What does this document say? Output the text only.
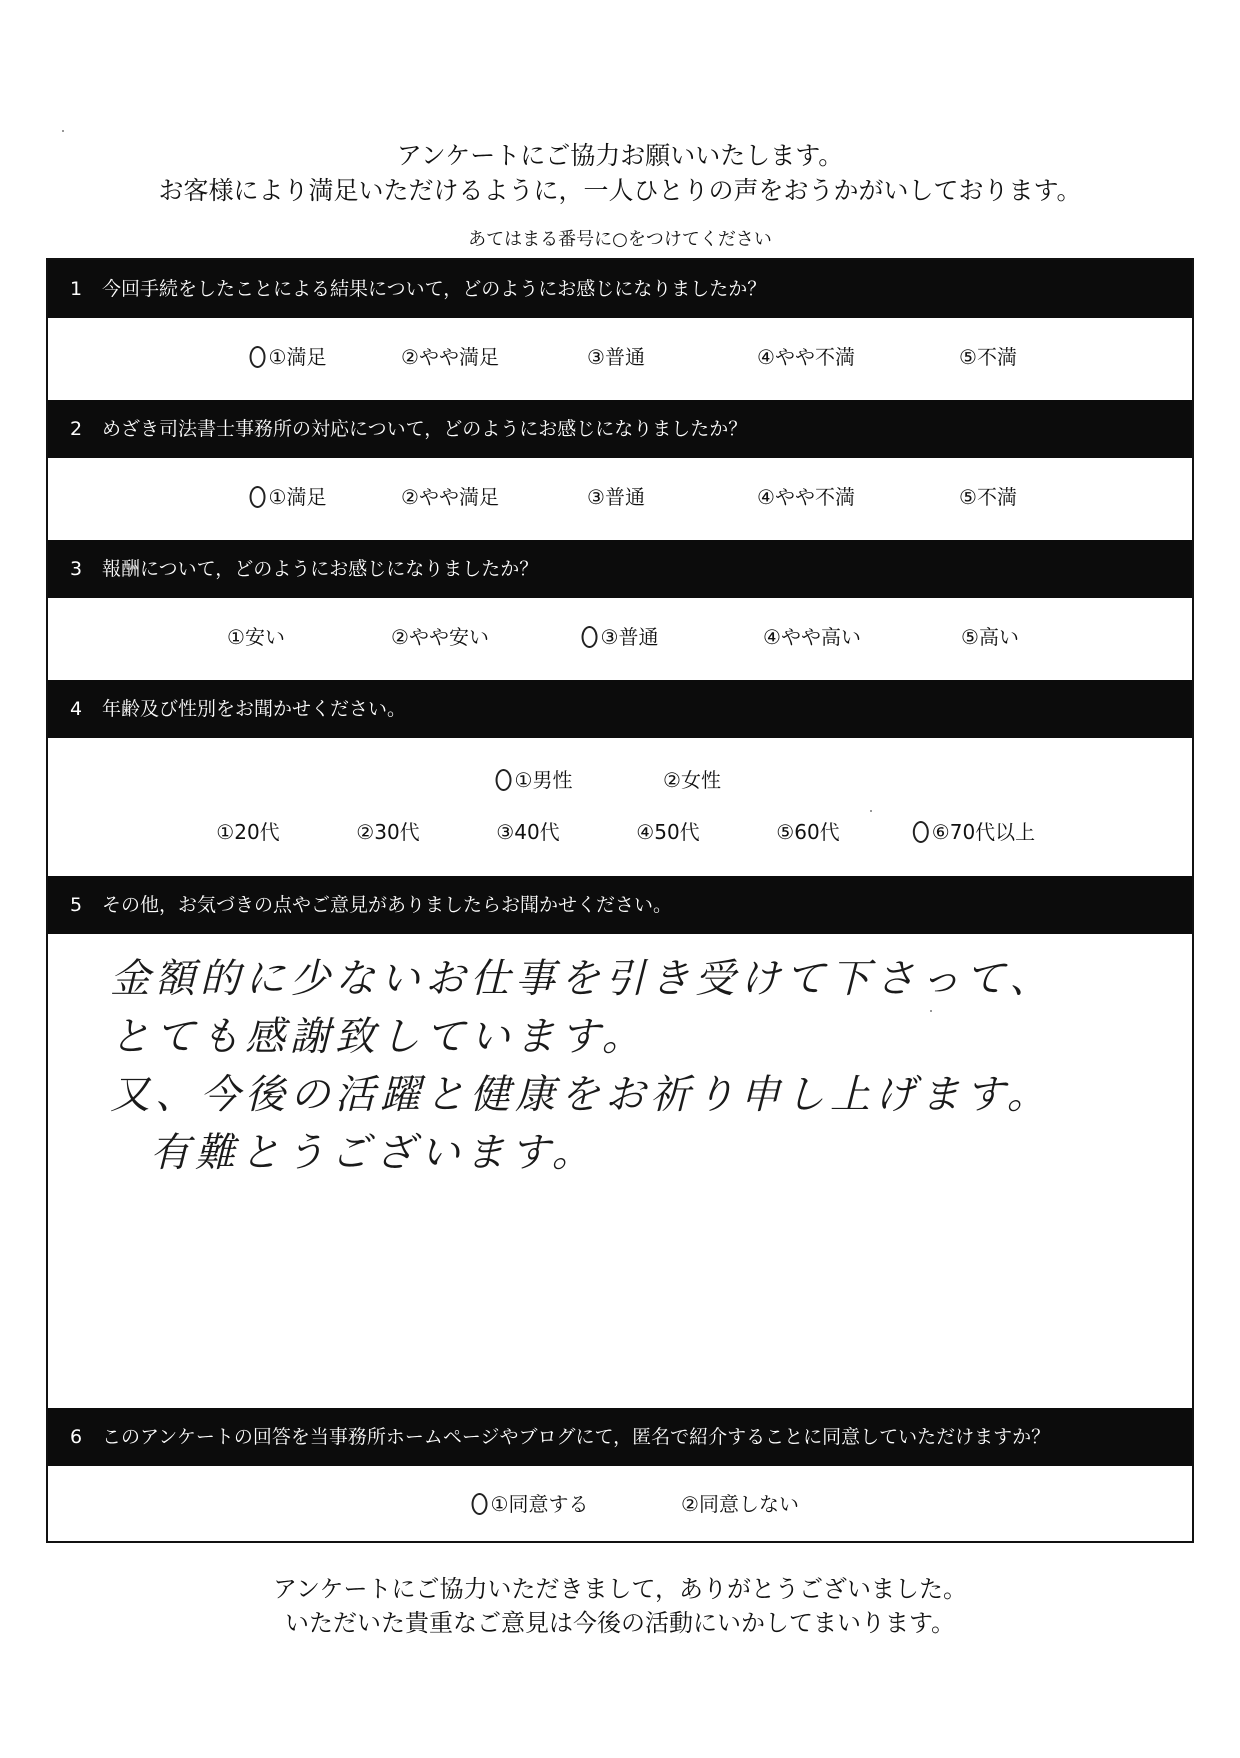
アンケートにご協力お願いいたします。
お客様により満足いただけるように，一人ひとりの声をおうかがいしております。
あてはまる番号に○をつけてください
1 今回手続をしたことによる結果について，どのようにお感じになりましたか？
①満足	②やや満足	③普通	④やや不満	⑤不満
2 めざき司法書士事務所の対応について，どのようにお感じになりましたか？
①満足	②やや満足	③普通	④やや不満	⑤不満
3 報酬について，どのようにお感じになりましたか？
①安い	②やや安い	③普通	④やや高い	⑤高い
4 年齢及び性別をお聞かせください。
①男性	②女性
①20代	②30代	③40代	④50代	⑤60代	⑥70代以上
5 その他，お気づきの点やご意見がありましたらお聞かせください。
6 このアンケートの回答を当事務所ホームページやブログにて，匿名で紹介することに同意していただけますか？
①同意する	②同意しない
金額的に少ないお仕事を引き受けて下さって、
とても感謝致しています。
又、今後の活躍と健康をお祈り申し上げます。
有難とうございます。
アンケートにご協力いただきまして，ありがとうございました。
いただいた貴重なご意見は今後の活動にいかしてまいります。
